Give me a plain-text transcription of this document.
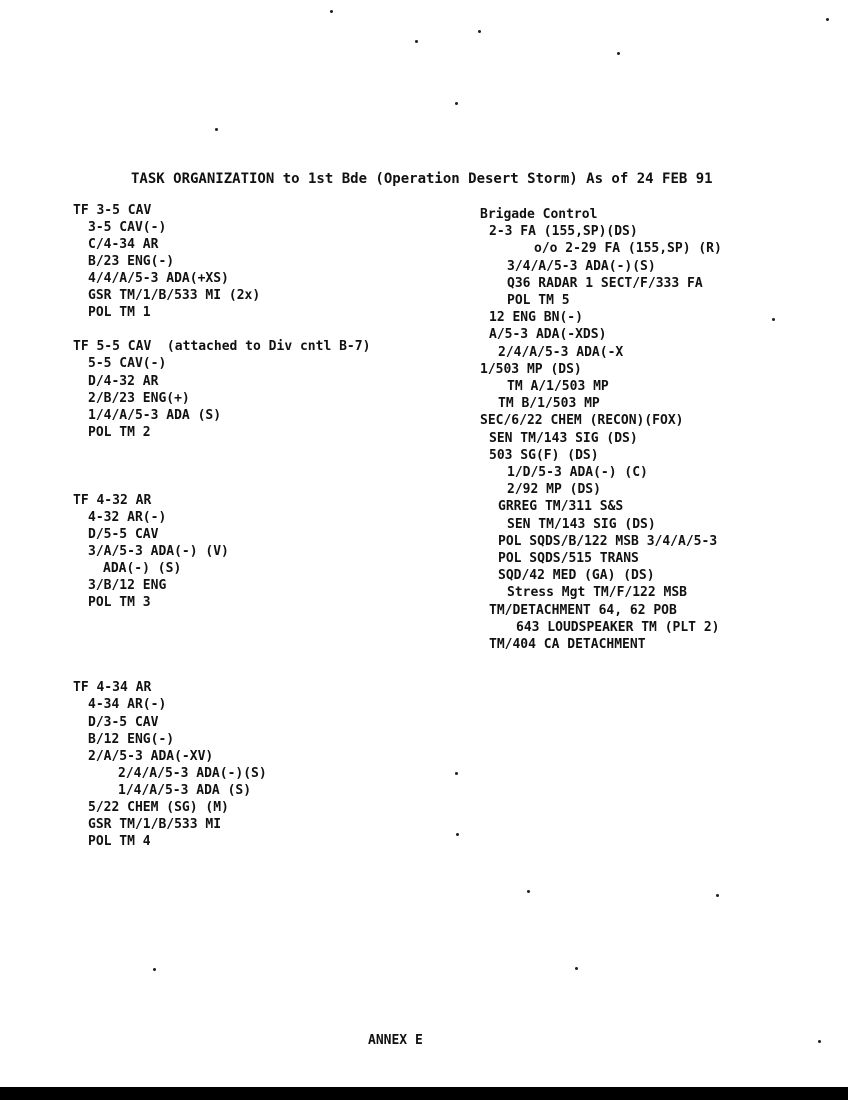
TASK ORGANIZATION to 1st Bde (Operation Desert Storm) As of 24 FEB 91
TF 3-5 CAV
3-5 CAV(-)
C/4-34 AR
B/23 ENG(-)
4/4/A/5-3 ADA(+XS)
GSR TM/1/B/533 MI (2x)
POL TM 1
TF 5-5 CAV  (attached to Div cntl B-7)
5-5 CAV(-)
D/4-32 AR
2/B/23 ENG(+)
1/4/A/5-3 ADA (S)
POL TM 2
TF 4-32 AR
4-32 AR(-)
D/5-5 CAV
3/A/5-3 ADA(-) (V)
ADA(-) (S)
3/B/12 ENG
POL TM 3
TF 4-34 AR
4-34 AR(-)
D/3-5 CAV
B/12 ENG(-)
2/A/5-3 ADA(-XV)
2/4/A/5-3 ADA(-)(S)
1/4/A/5-3 ADA (S)
5/22 CHEM (SG) (M)
GSR TM/1/B/533 MI
POL TM 4
Brigade Control
2-3 FA (155,SP)(DS)
o/o 2-29 FA (155,SP) (R)
3/4/A/5-3 ADA(-)(S)
Q36 RADAR 1 SECT/F/333 FA
POL TM 5
12 ENG BN(-)
A/5-3 ADA(-XDS)
2/4/A/5-3 ADA(-X
1/503 MP (DS)
TM A/1/503 MP
TM B/1/503 MP
SEC/6/22 CHEM (RECON)(FOX)
SEN TM/143 SIG (DS)
503 SG(F) (DS)
1/D/5-3 ADA(-) (C)
2/92 MP (DS)
GRREG TM/311 S&S
SEN TM/143 SIG (DS)
POL SQDS/B/122 MSB 3/4/A/5-3
POL SQDS/515 TRANS
SQD/42 MED (GA) (DS)
Stress Mgt TM/F/122 MSB
TM/DETACHMENT 64, 62 POB
643 LOUDSPEAKER TM (PLT 2)
TM/404 CA DETACHMENT
ANNEX E
